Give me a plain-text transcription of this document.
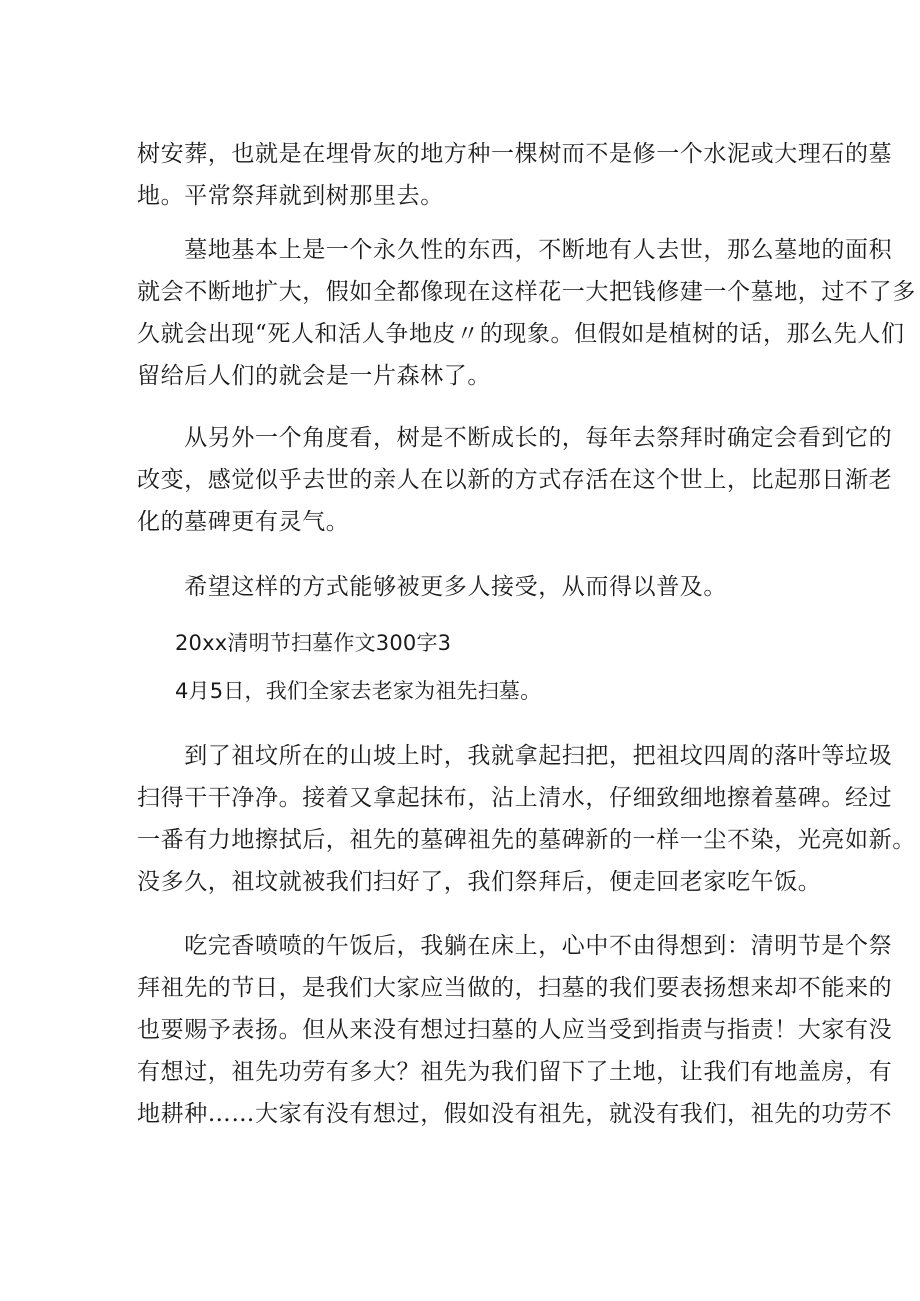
树安葬，也就是在埋骨灰的地方种一棵树而不是修一个水泥或大理石的墓
地。平常祭拜就到树那里去。

　　墓地基本上是一个永久性的东西，不断地有人去世，那么墓地的面积
就会不断地扩大，假如全都像现在这样花一大把钱修建一个墓地，过不了多
久就会出现“死人和活人争地皮〃的现象。但假如是植树的话，那么先人们
留给后人们的就会是一片森林了。

　　从另外一个角度看，树是不断成长的，每年去祭拜时确定会看到它的
改变，感觉似乎去世的亲人在以新的方式存活在这个世上，比起那日渐老
化的墓碑更有灵气。

　　希望这样的方式能够被更多人接受，从而得以普及。

20xx清明节扫墓作文300字3

4月5日，我们全家去老家为祖先扫墓。

　　到了祖坟所在的山坡上时，我就拿起扫把，把祖坟四周的落叶等垃圾
扫得干干净净。接着又拿起抹布，沾上清水，仔细致细地擦着墓碑。经过
一番有力地擦拭后，祖先的墓碑祖先的墓碑新的一样一尘不染，光亮如新。
没多久，祖坟就被我们扫好了，我们祭拜后，便走回老家吃午饭。

　　吃完香喷喷的午饭后，我躺在床上，心中不由得想到：清明节是个祭
拜祖先的节日，是我们大家应当做的，扫墓的我们要表扬想来却不能来的
也要赐予表扬。但从来没有想过扫墓的人应当受到指责与指责！大家有没
有想过，祖先功劳有多大？祖先为我们留下了土地，让我们有地盖房，有
地耕种……大家有没有想过，假如没有祖先，就没有我们，祖先的功劳不
